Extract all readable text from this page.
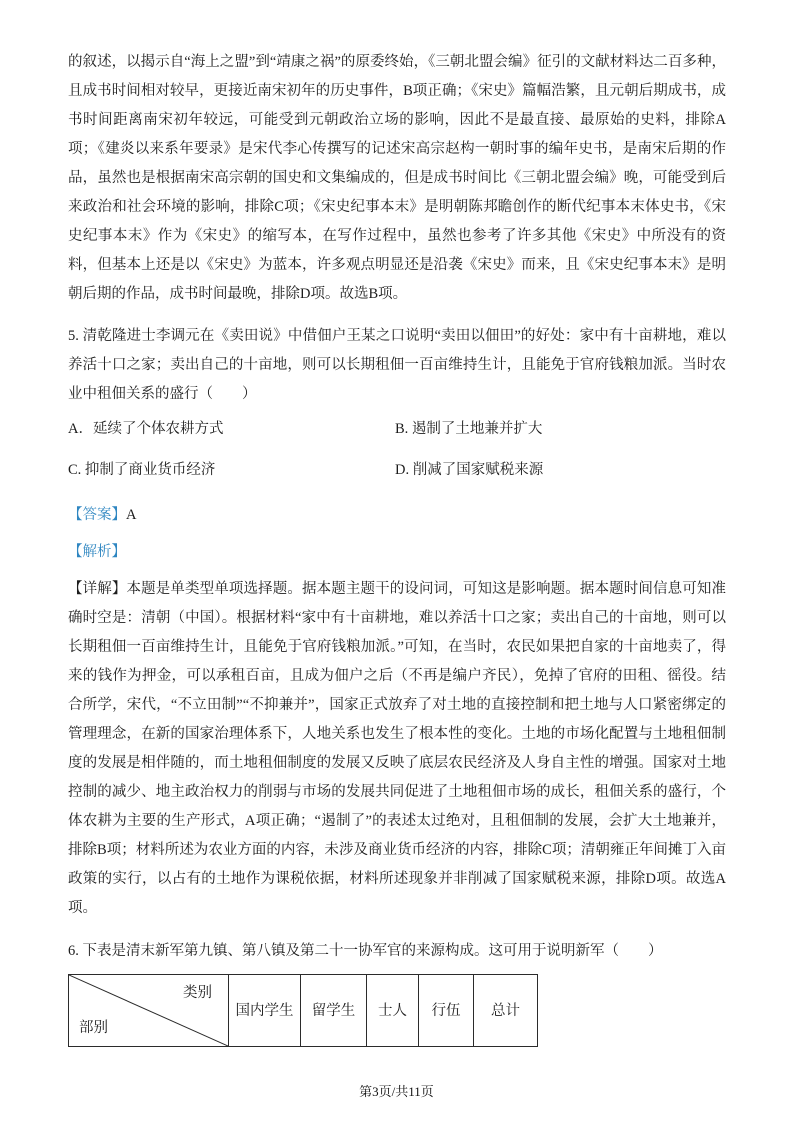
的叙述，以揭示自“海上之盟”到“靖康之祸”的原委终始，《三朝北盟会编》征引的文献材料达二百多种，且成书时间相对较早，更接近南宋初年的历史事件，B项正确；《宋史》篇幅浩繁，且元朝后期成书，成书时间距离南宋初年较远，可能受到元朝政治立场的影响，因此不是最直接、最原始的史料，排除A项；《建炎以来系年要录》是宋代李心传撰写的记述宋高宗赵构一朝时事的编年史书，是南宋后期的作品，虽然也是根据南宋高宗朝的国史和文集编成的，但是成书时间比《三朝北盟会编》晚，可能受到后来政治和社会环境的影响，排除C项；《宋史纪事本末》是明朝陈邦瞻创作的断代纪事本末体史书，《宋史纪事本末》作为《宋史》的缩写本，在写作过程中，虽然也参考了许多其他《宋史》中所没有的资料，但基本上还是以《宋史》为蓝本，许多观点明显还是沿袭《宋史》而来，且《宋史纪事本末》是明朝后期的作品，成书时间最晚，排除D项。故选B项。

5. 清乾隆进士李调元在《卖田说》中借佃户王某之口说明“卖田以佃田”的好处：家中有十亩耕地，难以养活十口之家；卖出自己的十亩地，则可以长期租佃一百亩维持生计，且能免于官府钱粮加派。当时农业中租佃关系的盛行（　　）

A．延续了个体农耕方式	B. 遏制了土地兼并扩大
C. 抑制了商业货币经济	D. 削减了国家赋税来源

【答案】A

【解析】

【详解】本题是单类型单项选择题。据本题主题干的设问词，可知这是影响题。据本题时间信息可知准确时空是：清朝（中国）。根据材料“家中有十亩耕地，难以养活十口之家；卖出自己的十亩地，则可以长期租佃一百亩维持生计，且能免于官府钱粮加派。”可知，在当时，农民如果把自家的十亩地卖了，得来的钱作为押金，可以承租百亩，且成为佃户之后（不再是编户齐民），免掉了官府的田租、徭役。结合所学，宋代，“不立田制”“不抑兼并”，国家正式放弃了对土地的直接控制和把土地与人口紧密绑定的管理理念，在新的国家治理体系下，人地关系也发生了根本性的变化。土地的市场化配置与土地租佃制度的发展是相伴随的，而土地租佃制度的发展又反映了底层农民经济及人身自主性的增强。国家对土地控制的减少、地主政治权力的削弱与市场的发展共同促进了土地租佃市场的成长，租佃关系的盛行，个体农耕为主要的生产形式，A项正确；“遏制了”的表述太过绝对，且租佃制的发展，会扩大土地兼并，排除B项；材料所述为农业方面的内容，未涉及商业货币经济的内容，排除C项；清朝雍正年间摊丁入亩政策的实行，以占有的土地作为课税依据，材料所述现象并非削减了国家赋税来源，排除D项。故选A项。

6. 下表是清末新军第九镇、第八镇及第二十一协军官的来源构成。这可用于说明新军（　　）

类别
部别
	国内学生	留学生	士人	行伍	总计
第3页/共11页
